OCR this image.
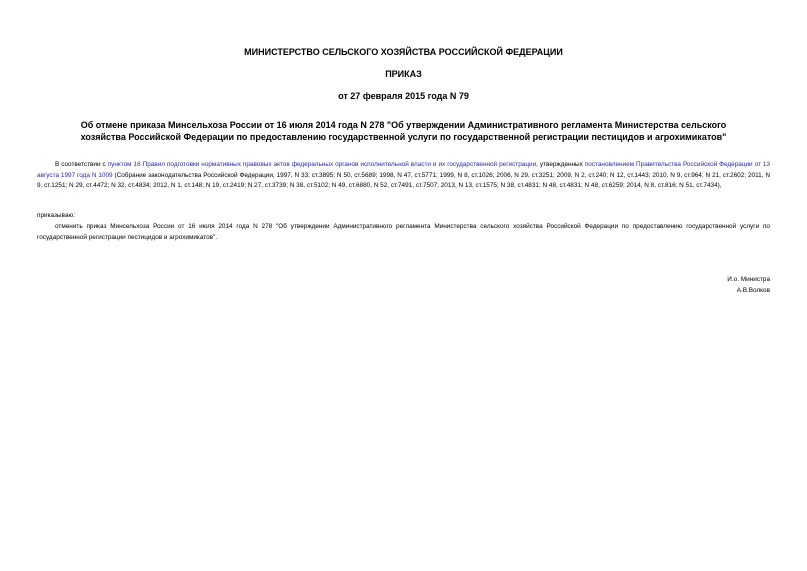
МИНИСТЕРСТВО СЕЛЬСКОГО ХОЗЯЙСТВА РОССИЙСКОЙ ФЕДЕРАЦИИ
ПРИКАЗ
от 27 февраля 2015 года N 79
Об отмене приказа Минсельхоза России от 16 июля 2014 года N 278 "Об утверждении Административного регламента Министерства сельского хозяйства Российской Федерации по предоставлению государственной услуги по государственной регистрации пестицидов и агрохимикатов"
В соответствии с пунктом 16 Правил подготовки нормативных правовых актов федеральных органов исполнительной власти и их государственной регистрации, утвержденных постановлением Правительства Российской Федерации от 13 августа 1997 года N 1009 (Собрание законодательства Российской Федерации, 1997, N 33, ст.3895; N 50, ст.5689; 1998, N 47, ст.5771; 1999, N 8, ст.1026; 2006, N 29, ст.3251; 2009, N 2, ст.240; N 12, ст.1443; 2010, N 9, ст.964; N 21, ст.2602; 2011, N 9, ст.1251; N 29, ст.4472; N 32, ст.4834; 2012, N 1, ст.148; N 19, ст.2419; N 27, ст.3739; N 38, ст.5102; N 49, ст.6880, N 52, ст.7491, ст.7507; 2013, N 13, ст.1575; N 38, ст.4831; N 48, ст.4831; N 48, ст.6259; 2014, N 8, ст.816; N 51, ст.7434),
приказываю:
отменить приказ Минсельхоза России от 16 июля 2014 года N 278 "Об утверждении Административного регламента Министерства сельского хозяйства Российской Федерации по предоставлению государственной услуги по государственной регистрации пестицидов и агрохимикатов".
И.о. Министра
А.В.Волков
